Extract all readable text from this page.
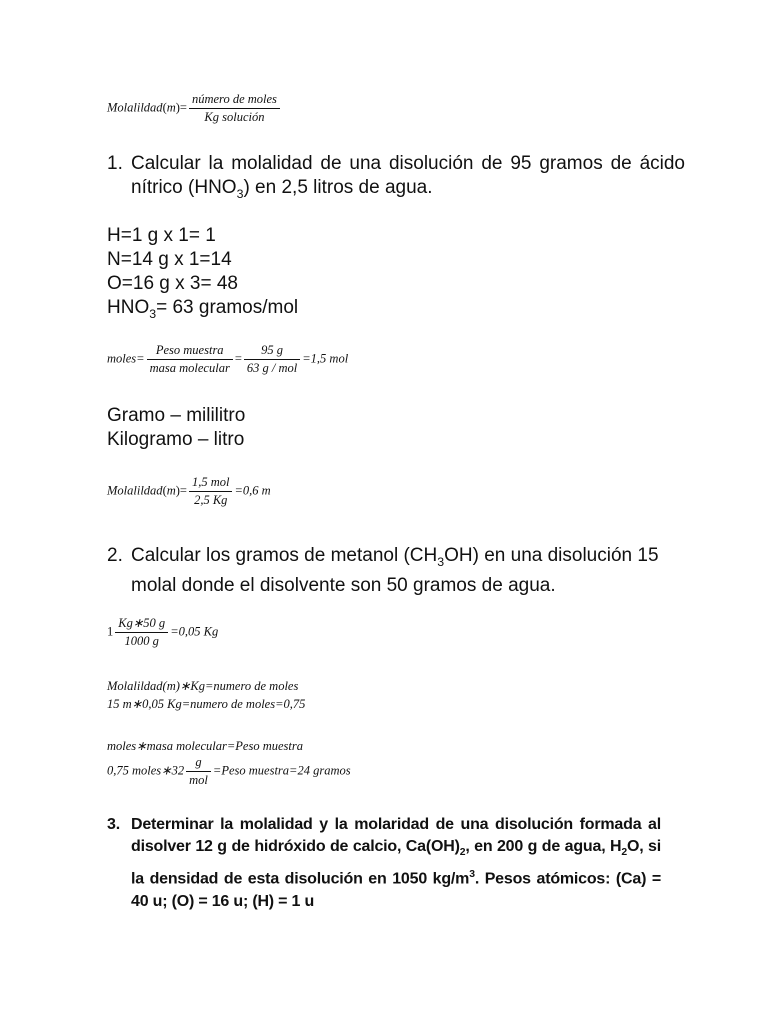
Molalildad(m)= $\frac{\text{número de moles}}{\text{Kg solución}}$
1. Calcular la molalidad de una disolución de 95 gramos de ácido nítrico $(HNO_3)$ en 2,5 litros de agua.
H=1 g x 1= 1
N=14 g x 1=14
O=16 g x 3= 48
$HNO_3= 63$ gramos/mol
moles= $\frac{\text{Peso muestra}}{\text{masa molecular}} = \frac{95 g}{\text{63 g / mol}} =1,5$ mol
Gramo – mililitro
Kilogramo – litro
Molalildad(m)= $\frac{\text{1,5 mol}}{2,5 Kg} =0,6$ m
2. Calcular los gramos de metanol $(CH_3OH)$ en una disolución 15 molal donde el disolvente son 50 gramos de agua.
$1 \frac{Kg∗50 g}{1000 g} =0,05$ Kg
Molalildad(m)∗Kg=numero de moles
15 m∗0,05 Kg=numero de moles=0,75
moles∗masa molecular=Peso muestra
0,75 moles∗32 $\frac{g}{\text{mol}}$ =Peso muestra=24 gramos
3. Determinar la molalidad y la molaridad de una disolución formada al disolver 12 g de hidróxido de calcio, $Ca(OH)_2$, en 200 g de agua, $H_2O$, si la densidad de esta disolución en 1050 $kg/m^3$. Pesos atómicos: (Ca) = 40 u; (O) = 16 u; (H) = 1 u
